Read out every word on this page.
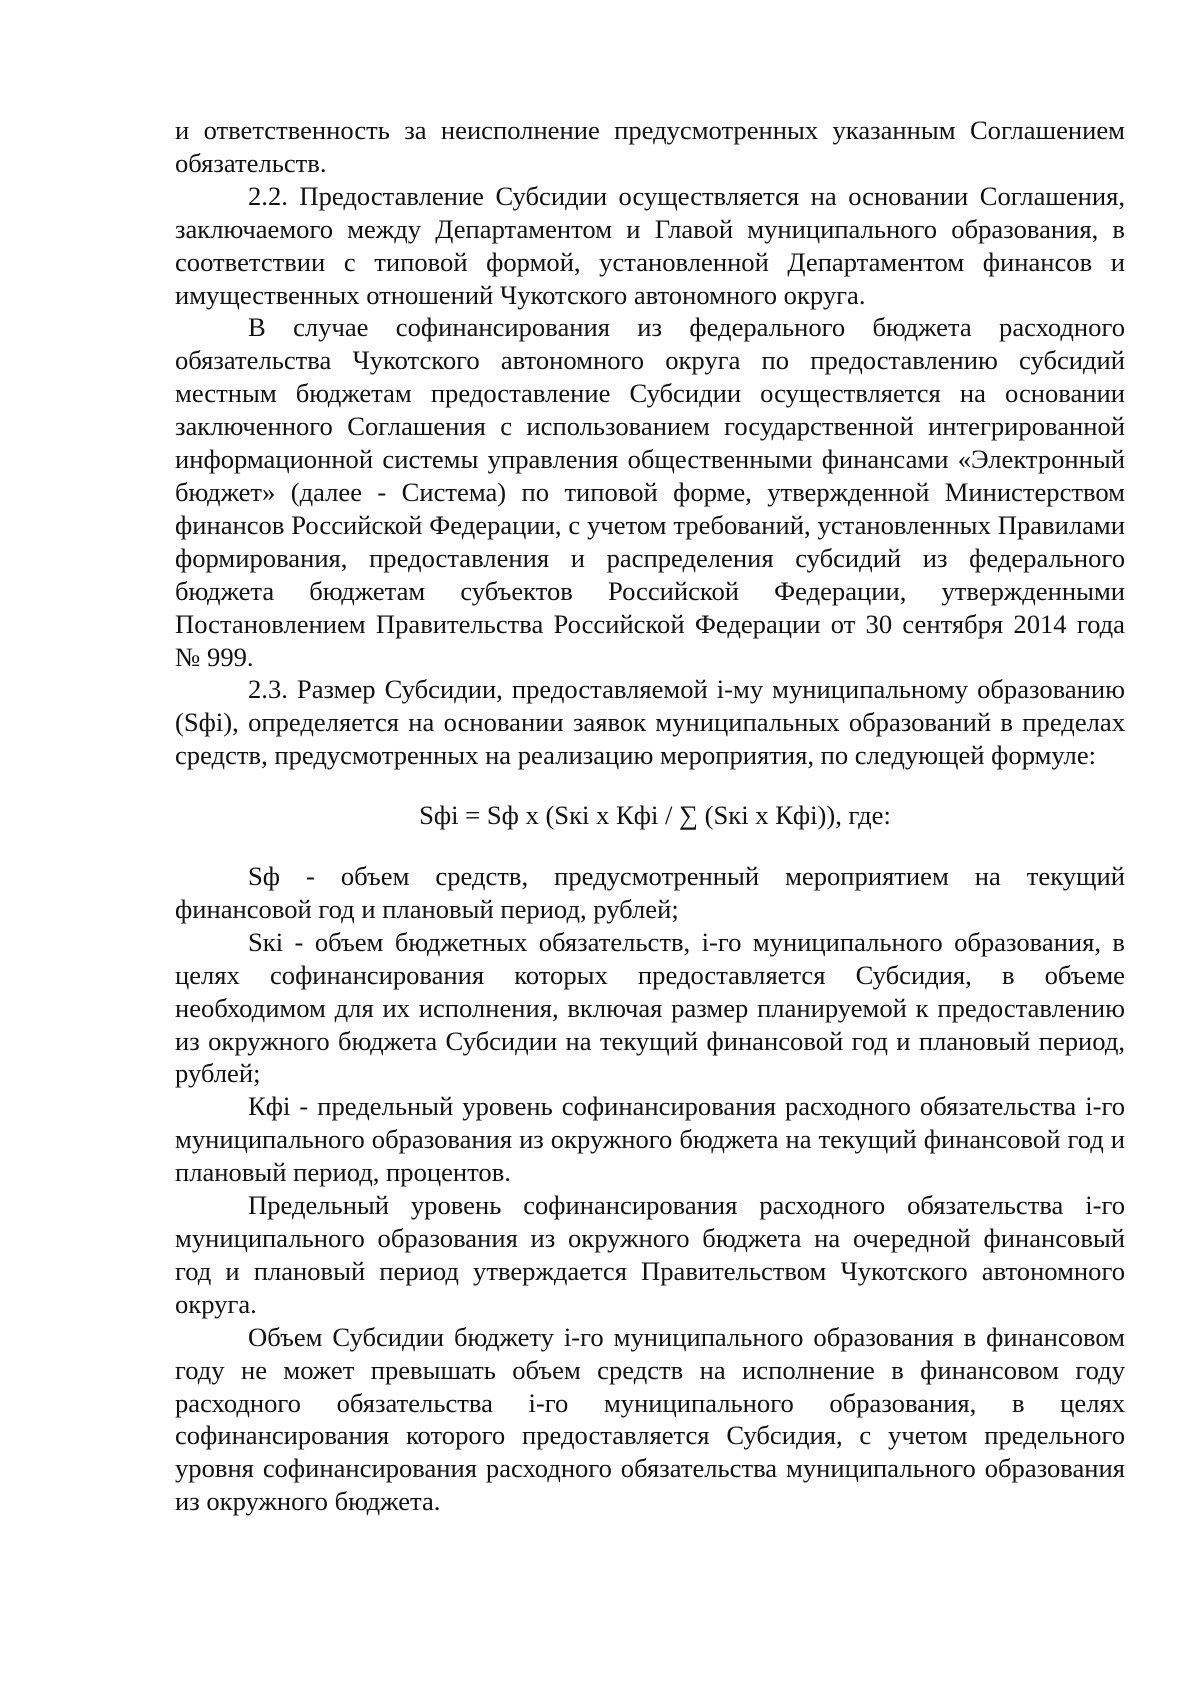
и ответственность за неисполнение предусмотренных указанным Соглашением обязательств.

2.2. Предоставление Субсидии осуществляется на основании Соглашения, заключаемого между Департаментом и Главой муниципального образования, в соответствии с типовой формой, установленной Департаментом финансов и имущественных отношений Чукотского автономного округа.

В случае софинансирования из федерального бюджета расходного обязательства Чукотского автономного округа по предоставлению субсидий местным бюджетам предоставление Субсидии осуществляется на основании заключенного Соглашения с использованием государственной интегрированной информационной системы управления общественными финансами «Электронный бюджет» (далее - Система) по типовой форме, утвержденной Министерством финансов Российской Федерации, с учетом требований, установленных Правилами формирования, предоставления и распределения субсидий из федерального бюджета бюджетам субъектов Российской Федерации, утвержденными Постановлением Правительства Российской Федерации от 30 сентября 2014 года № 999.

2.3. Размер Субсидии, предоставляемой i-му муниципальному образованию (Sфi), определяется на основании заявок муниципальных образований в пределах средств, предусмотренных на реализацию мероприятия, по следующей формуле:

Sфi = Sф х (Sкi х Кфi / ∑ (Sкi х Кфi)), где:

Sф - объем средств, предусмотренный мероприятием на текущий финансовой год и плановый период, рублей;

Sкi - объем бюджетных обязательств, i-го муниципального образования, в целях софинансирования которых предоставляется Субсидия, в объеме необходимом для их исполнения, включая размер планируемой к предоставлению из окружного бюджета Субсидии на текущий финансовой год и плановый период, рублей;

Кфi - предельный уровень софинансирования расходного обязательства i-го муниципального образования из окружного бюджета на текущий финансовой год и плановый период, процентов.

Предельный уровень софинансирования расходного обязательства i-го муниципального образования из окружного бюджета на очередной финансовый год и плановый период утверждается Правительством Чукотского автономного округа.

Объем Субсидии бюджету i-го муниципального образования в финансовом году не может превышать объем средств на исполнение в финансовом году расходного обязательства i-го муниципального образования, в целях софинансирования которого предоставляется Субсидия, с учетом предельного уровня софинансирования расходного обязательства муниципального образования из окружного бюджета.
